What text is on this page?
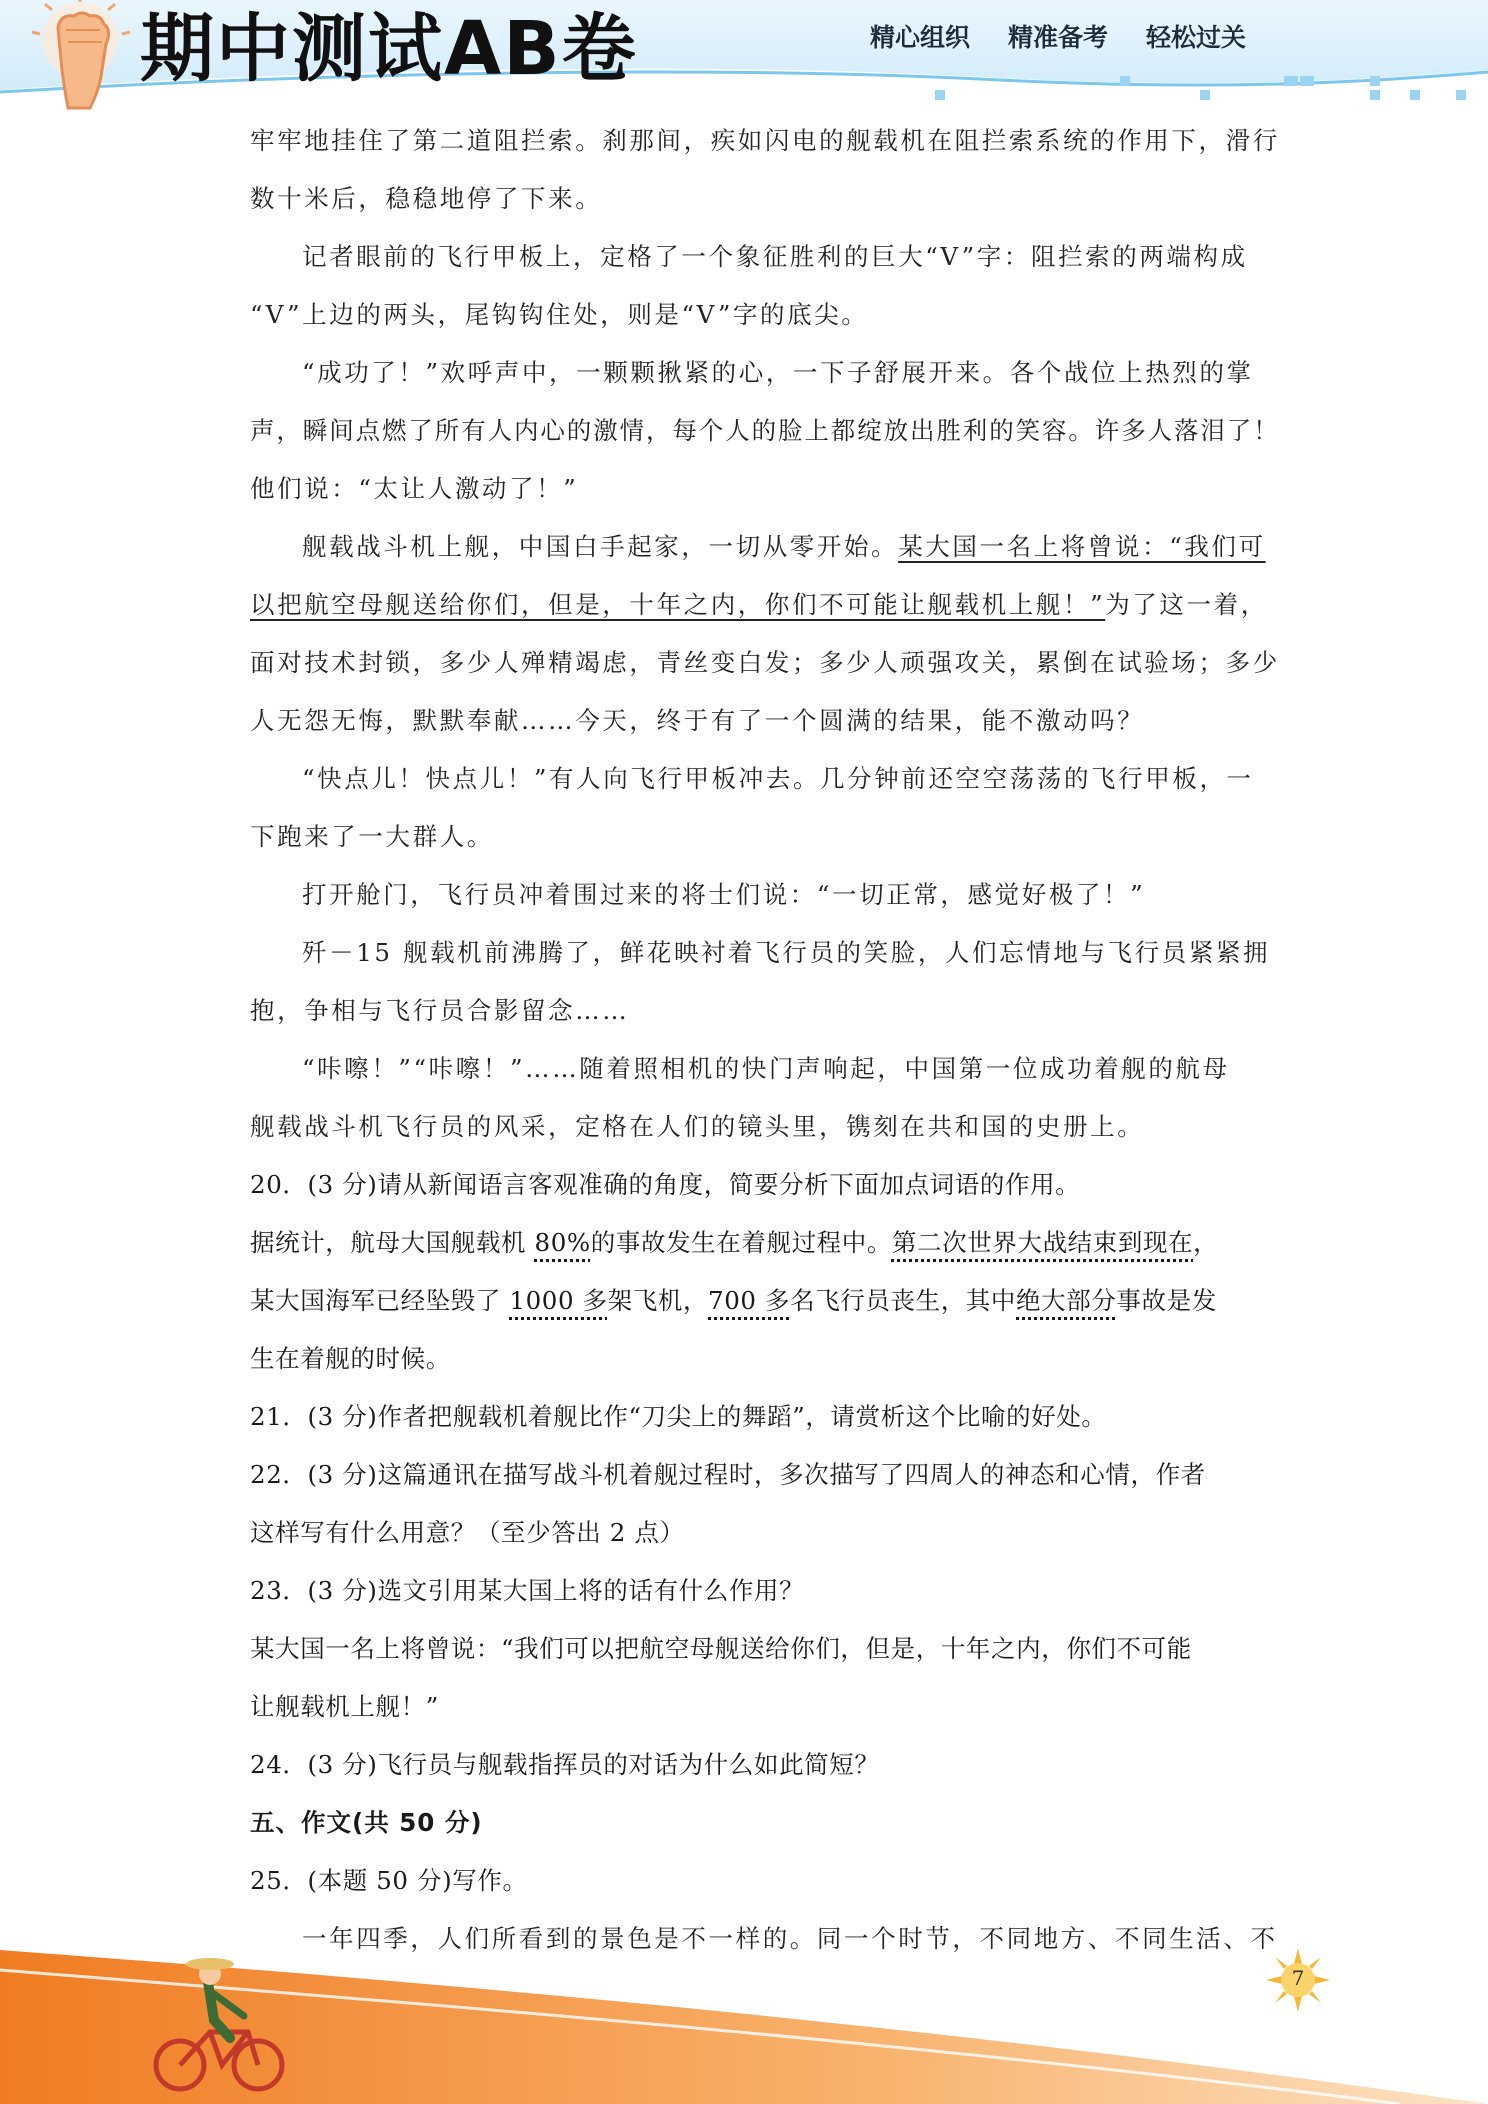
期中测试AB卷	精心组织 精准备考 轻松过关
牢牢地挂住了第二道阻拦索。刹那间，疾如闪电的舰载机在阻拦索系统的作用下，滑行
数十米后，稳稳地停了下来。
记者眼前的飞行甲板上，定格了一个象征胜利的巨大“V”字：阻拦索的两端构成
“V”上边的两头，尾钩钩住处，则是“V”字的底尖。
“成功了！”欢呼声中，一颗颗揪紧的心，一下子舒展开来。各个战位上热烈的掌
声，瞬间点燃了所有人内心的激情，每个人的脸上都绽放出胜利的笑容。许多人落泪了！
他们说：“太让人激动了！”
舰载战斗机上舰，中国白手起家，一切从零开始。某大国一名上将曾说：“我们可
以把航空母舰送给你们，但是，十年之内，你们不可能让舰载机上舰！”为了这一着，
面对技术封锁，多少人殚精竭虑，青丝变白发；多少人顽强攻关，累倒在试验场；多少
人无怨无悔，默默奉献……今天，终于有了一个圆满的结果，能不激动吗？
“快点儿！快点儿！”有人向飞行甲板冲去。几分钟前还空空荡荡的飞行甲板，一
下跑来了一大群人。
打开舱门，飞行员冲着围过来的将士们说：“一切正常，感觉好极了！”
歼－15 舰载机前沸腾了，鲜花映衬着飞行员的笑脸，人们忘情地与飞行员紧紧拥
抱，争相与飞行员合影留念……
“咔嚓！”“咔嚓！”……随着照相机的快门声响起，中国第一位成功着舰的航母
舰载战斗机飞行员的风采，定格在人们的镜头里，镌刻在共和国的史册上。
20．(3 分)请从新闻语言客观准确的角度，简要分析下面加点词语的作用。
据统计，航母大国舰载机 80%的事故发生在着舰过程中。第二次世界大战结束到现在，
某大国海军已经坠毁了 1000 多架飞机，700 多名飞行员丧生，其中绝大部分事故是发
生在着舰的时候。
21．(3 分)作者把舰载机着舰比作“刀尖上的舞蹈”，请赏析这个比喻的好处。
22．(3 分)这篇通讯在描写战斗机着舰过程时，多次描写了四周人的神态和心情，作者
这样写有什么用意？（至少答出 2 点）
23．(3 分)选文引用某大国上将的话有什么作用？
某大国一名上将曾说：“我们可以把航空母舰送给你们，但是，十年之内，你们不可能
让舰载机上舰！”
24．(3 分)飞行员与舰载指挥员的对话为什么如此简短？
五、作文(共 50 分)
25．(本题 50 分)写作。
一年四季，人们所看到的景色是不一样的。同一个时节，不同地方、不同生活、不
7
